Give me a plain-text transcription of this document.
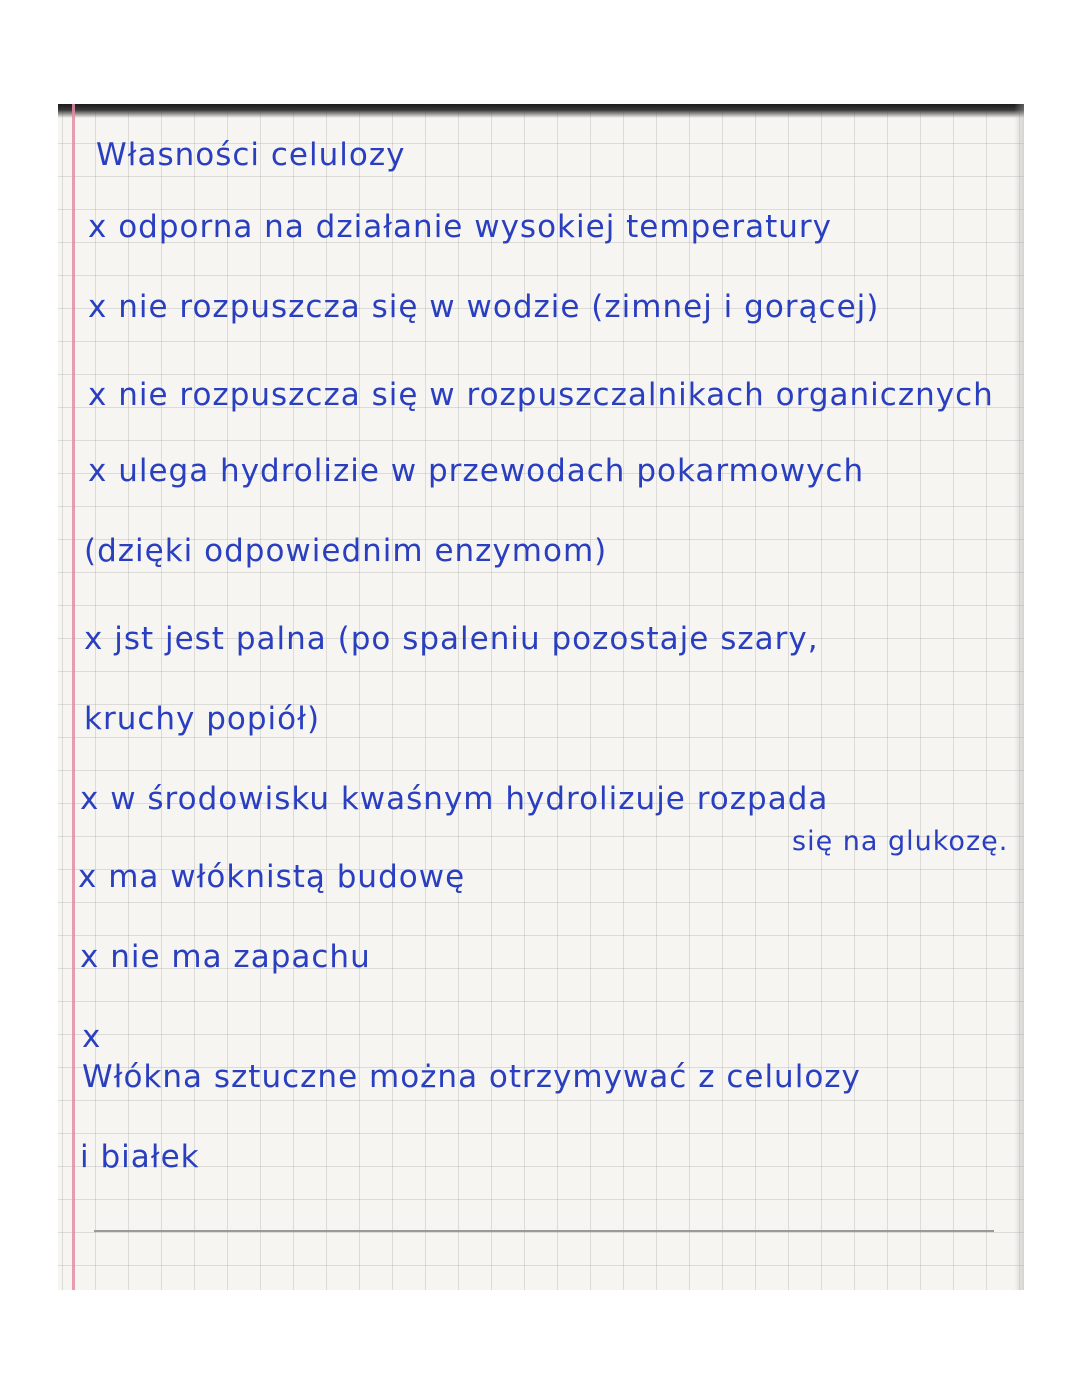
Własności celulozy
x odporna na działanie wysokiej temperatury
x nie rozpuszcza się w wodzie (zimnej i gorącej)
x nie rozpuszcza się w rozpuszczalnikach organicznych
x ulega hydrolizie w przewodach pokarmowych
(dzięki odpowiednim enzymom)
x jst jest palna (po spaleniu pozostaje szary,
kruchy popiół)
x w środowisku kwaśnym hydrolizuje rozpada
się na glukozę.
x ma włóknistą budowę
x nie ma zapachu
x
Włókna sztuczne można otrzymywać z celulozy
i białek
